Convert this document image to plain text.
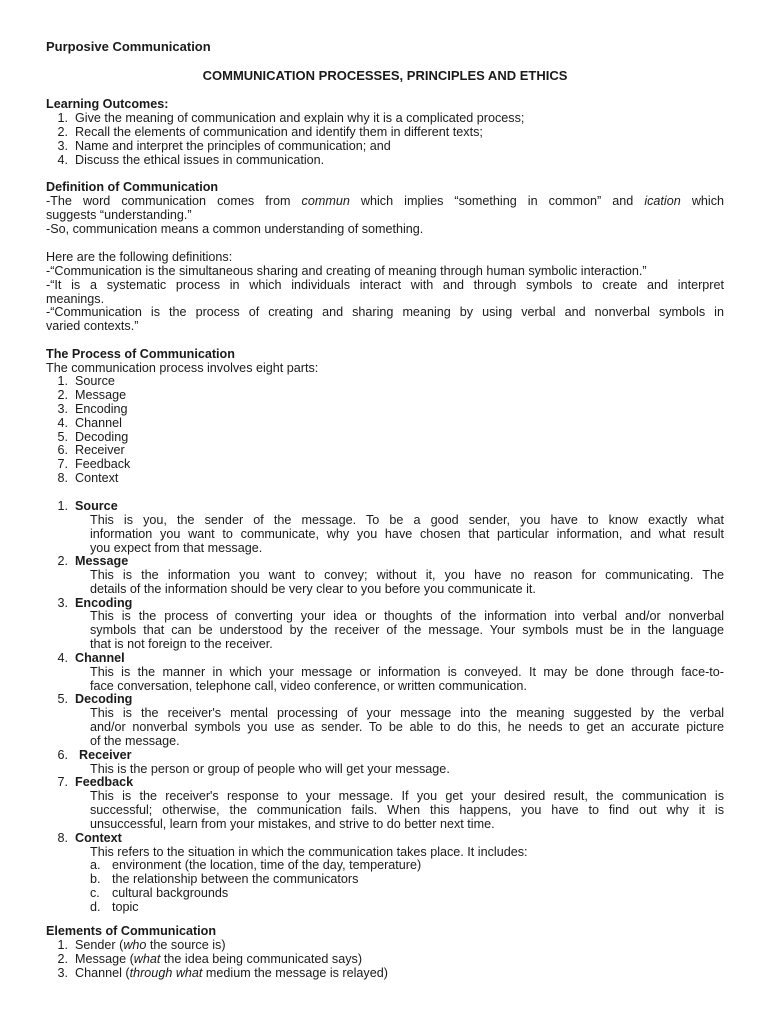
Purposive Communication
COMMUNICATION PROCESSES, PRINCIPLES AND ETHICS
Learning Outcomes:
1. Give the meaning of communication and explain why it is a complicated process;
2. Recall the elements of communication and identify them in different texts;
3. Name and interpret the principles of communication; and
4. Discuss the ethical issues in communication.
Definition of Communication
-The word communication comes from commun which implies “something in common” and ication which
suggests “understanding.”
-So, communication means a common understanding of something.
Here are the following definitions:
-“Communication is the simultaneous sharing and creating of meaning through human symbolic interaction.”
-“It is a systematic process in which individuals interact with and through symbols to create and interpret
meanings.
-“Communication is the process of creating and sharing meaning by using verbal and nonverbal symbols in
varied contexts.”
The Process of Communication
The communication process involves eight parts:
1. Source
2. Message
3. Encoding
4. Channel
5. Decoding
6. Receiver
7. Feedback
8. Context
1. Source
This is you, the sender of the message. To be a good sender, you have to know exactly what
information you want to communicate, why you have chosen that particular information, and what result
you expect from that message.
2. Message
This is the information you want to convey; without it, you have no reason for communicating. The
details of the information should be very clear to you before you communicate it.
3. Encoding
This is the process of converting your idea or thoughts of the information into verbal and/or nonverbal
symbols that can be understood by the receiver of the message. Your symbols must be in the language
that is not foreign to the receiver.
4. Channel
This is the manner in which your message or information is conveyed. It may be done through face-to-
face conversation, telephone call, video conference, or written communication.
5. Decoding
This is the receiver's mental processing of your message into the meaning suggested by the verbal
and/or nonverbal symbols you use as sender. To be able to do this, he needs to get an accurate picture
of the message.
6. Receiver
This is the person or group of people who will get your message.
7. Feedback
This is the receiver's response to your message. If you get your desired result, the communication is
successful; otherwise, the communication fails. When this happens, you have to find out why it is
unsuccessful, learn from your mistakes, and strive to do better next time.
8. Context
This refers to the situation in which the communication takes place. It includes:
a. environment (the location, time of the day, temperature)
b. the relationship between the communicators
c. cultural backgrounds
d. topic
Elements of Communication
1. Sender (who the source is)
2. Message (what the idea being communicated says)
3. Channel (through what medium the message is relayed)
